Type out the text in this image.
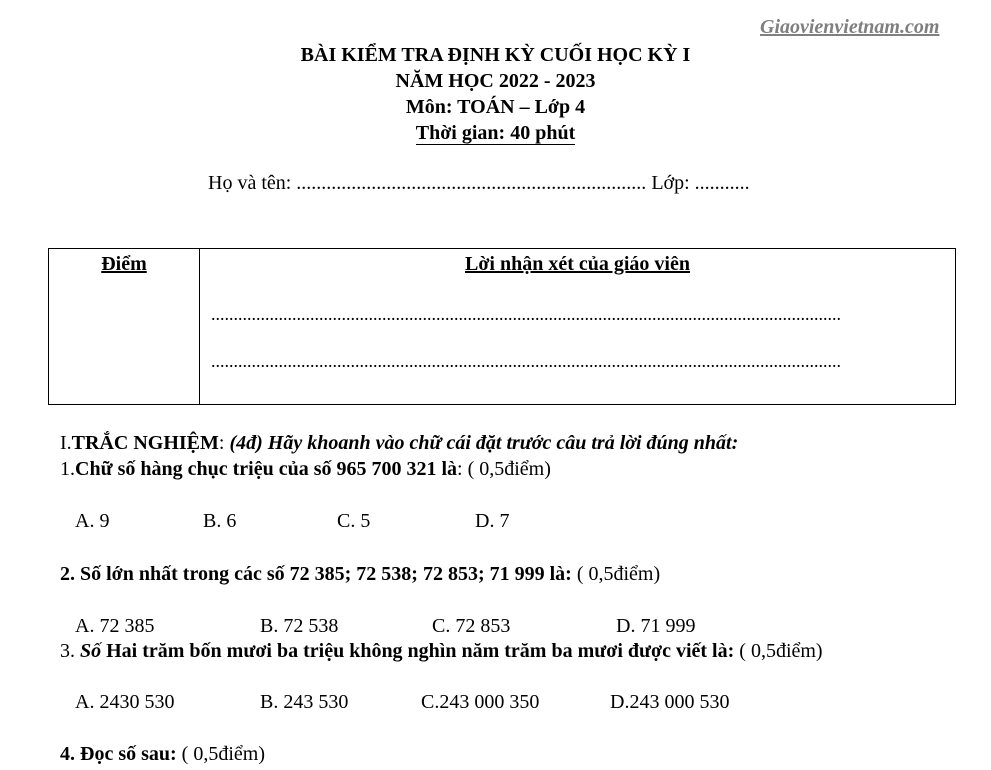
Giaovienvietnam.com
BÀI KIỂM TRA ĐỊNH KỲ CUỐI HỌC KỲ I
NĂM HỌC 2022 - 2023
Môn: TOÁN – Lớp 4
Thời gian: 40 phút
Họ và tên: ...................................................................... Lớp: ...........
Điểm	Lời nhận xét của giáo viên
............................................................................................................................................
............................................................................................................................................
I.TRẮC NGHIỆM: (4đ) Hãy khoanh vào chữ cái đặt trước câu trả lời đúng nhất:
1.Chữ số hàng chục triệu của số 965 700 321 là: ( 0,5điểm)
A. 9	B. 6	C. 5	D. 7
2. Số lớn nhất trong các số 72 385; 72 538; 72 853; 71 999 là: ( 0,5điểm)
A. 72 385	B. 72 538	C. 72 853	D. 71 999
3. Số Hai trăm bốn mươi ba triệu không nghìn năm trăm ba mươi được viết là: ( 0,5điểm)
A. 2430 530	B. 243 530	C.243 000 350	D.243 000 530
4. Đọc số sau: ( 0,5điểm)
